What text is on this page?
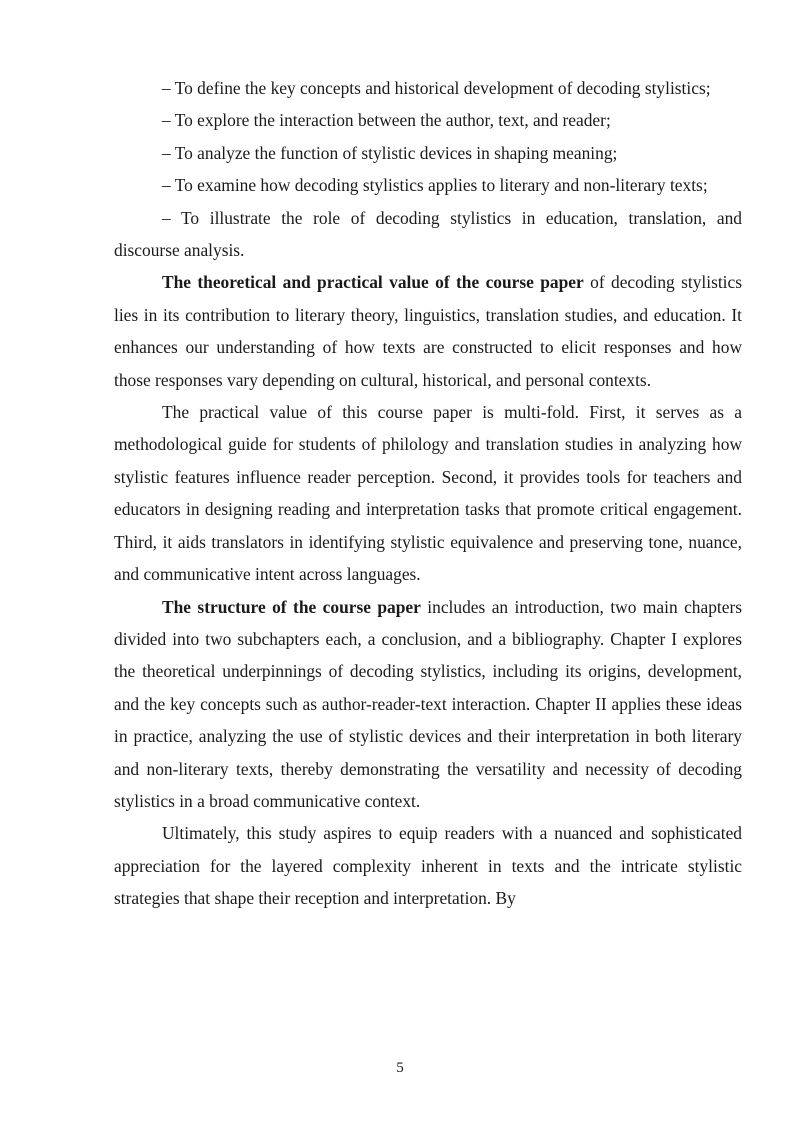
– To define the key concepts and historical development of decoding stylistics;

– To explore the interaction between the author, text, and reader;

– To analyze the function of stylistic devices in shaping meaning;

– To examine how decoding stylistics applies to literary and non-literary texts;

– To illustrate the role of decoding stylistics in education, translation, and discourse analysis.

The theoretical and practical value of the course paper of decoding stylistics lies in its contribution to literary theory, linguistics, translation studies, and education. It enhances our understanding of how texts are constructed to elicit responses and how those responses vary depending on cultural, historical, and personal contexts.

The practical value of this course paper is multi-fold. First, it serves as a methodological guide for students of philology and translation studies in analyzing how stylistic features influence reader perception. Second, it provides tools for teachers and educators in designing reading and interpretation tasks that promote critical engagement. Third, it aids translators in identifying stylistic equivalence and preserving tone, nuance, and communicative intent across languages.

The structure of the course paper includes an introduction, two main chapters divided into two subchapters each, a conclusion, and a bibliography. Chapter I explores the theoretical underpinnings of decoding stylistics, including its origins, development, and the key concepts such as author-reader-text interaction. Chapter II applies these ideas in practice, analyzing the use of stylistic devices and their interpretation in both literary and non-literary texts, thereby demonstrating the versatility and necessity of decoding stylistics in a broad communicative context.

Ultimately, this study aspires to equip readers with a nuanced and sophisticated appreciation for the layered complexity inherent in texts and the intricate stylistic strategies that shape their reception and interpretation. By

5
